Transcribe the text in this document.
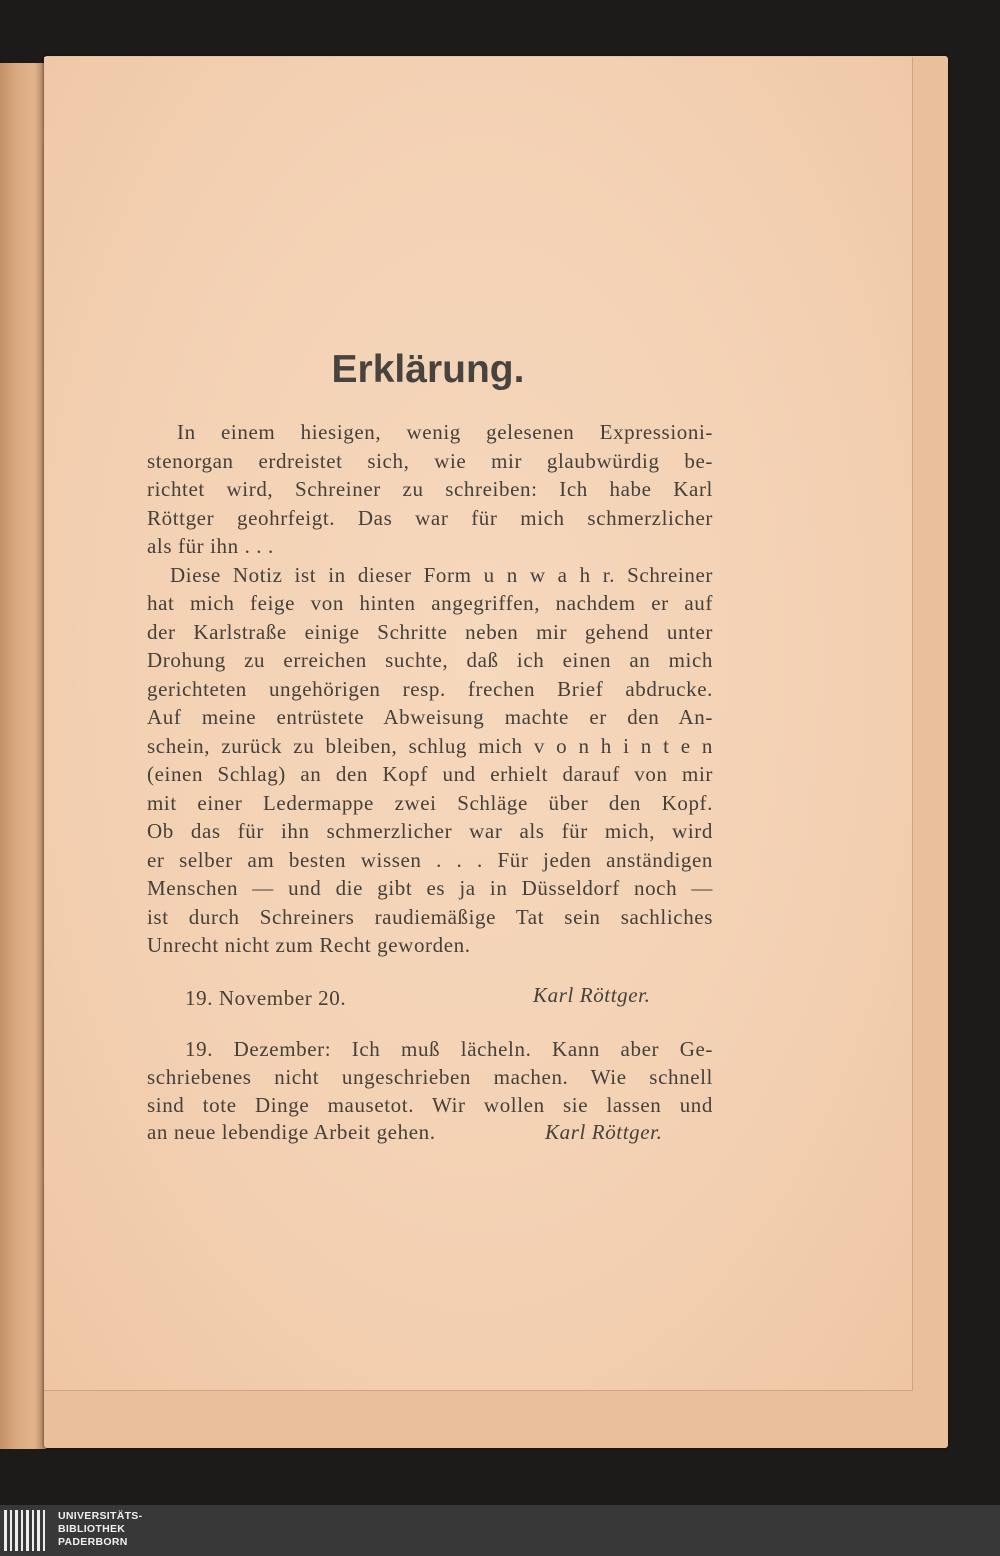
Erklärung.
In einem hiesigen, wenig gelesenen Expressioni-
stenorgan erdreistet sich, wie mir glaubwürdig be-
richtet wird, Schreiner zu schreiben: Ich habe Karl
Röttger geohrfeigt. Das war für mich schmerzlicher
als für ihn . . .
Diese Notiz ist in dieser Form u n w a h r. Schreiner
hat mich feige von hinten angegriffen, nachdem er auf
der Karlstraße einige Schritte neben mir gehend unter
Drohung zu erreichen suchte, daß ich einen an mich
gerichteten ungehörigen resp. frechen Brief abdrucke.
Auf meine entrüstete Abweisung machte er den An-
schein, zurück zu bleiben, schlug mich v o n h i n t e n
(einen Schlag) an den Kopf und erhielt darauf von mir
mit einer Ledermappe zwei Schläge über den Kopf.
Ob das für ihn schmerzlicher war als für mich, wird
er selber am besten wissen . . . Für jeden anständigen
Menschen — und die gibt es ja in Düsseldorf noch —
ist durch Schreiners raudiemäßige Tat sein sachliches
Unrecht nicht zum Recht geworden.
19. November 20.	Karl Röttger.
19. Dezember: Ich muß lächeln. Kann aber Ge-
schriebenes nicht ungeschrieben machen. Wie schnell
sind tote Dinge mausetot. Wir wollen sie lassen und
an neue lebendige Arbeit gehen.	Karl Röttger.
UNIVERSITÄTS-
BIBLIOTHEK
PADERBORN
